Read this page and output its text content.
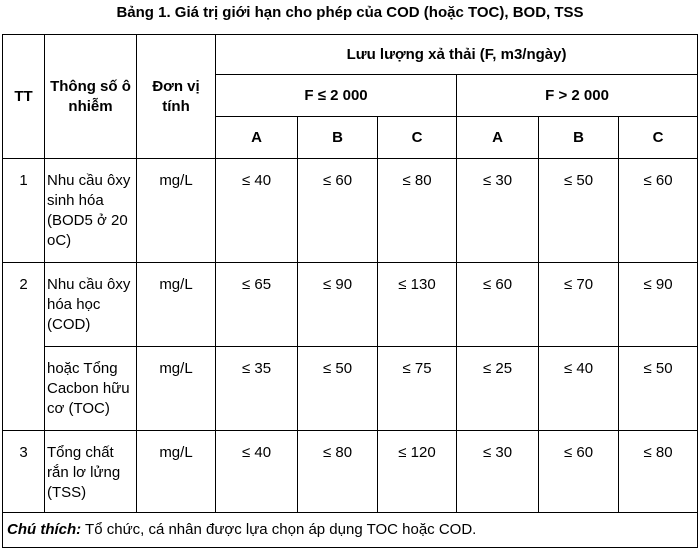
Bảng 1. Giá trị giới hạn cho phép của COD (hoặc TOC), BOD, TSS
TT	Thông số ô nhiễm	Đơn vị tính	Lưu lượng xả thải (F, m3/ngày)					
			F ≤ 2 000			F > 2 000		
			A	B	C	A	B	C
1	Nhu cầu ôxy sinh hóa (BOD5 ở 20 oC)	mg/L	≤ 40	≤ 60	≤ 80	≤ 30	≤ 50	≤ 60
2	Nhu cầu ôxy hóa học (COD)	mg/L	≤ 65	≤ 90	≤ 130	≤ 60	≤ 70	≤ 90
	hoặc Tổng Cacbon hữu cơ (TOC)	mg/L	≤ 35	≤ 50	≤ 75	≤ 25	≤ 40	≤ 50
3	Tổng chất rắn lơ lửng (TSS)	mg/L	≤ 40	≤ 80	≤ 120	≤ 30	≤ 60	≤ 80
Chú thích: Tổ chức, cá nhân được lựa chọn áp dụng TOC hoặc COD.								
